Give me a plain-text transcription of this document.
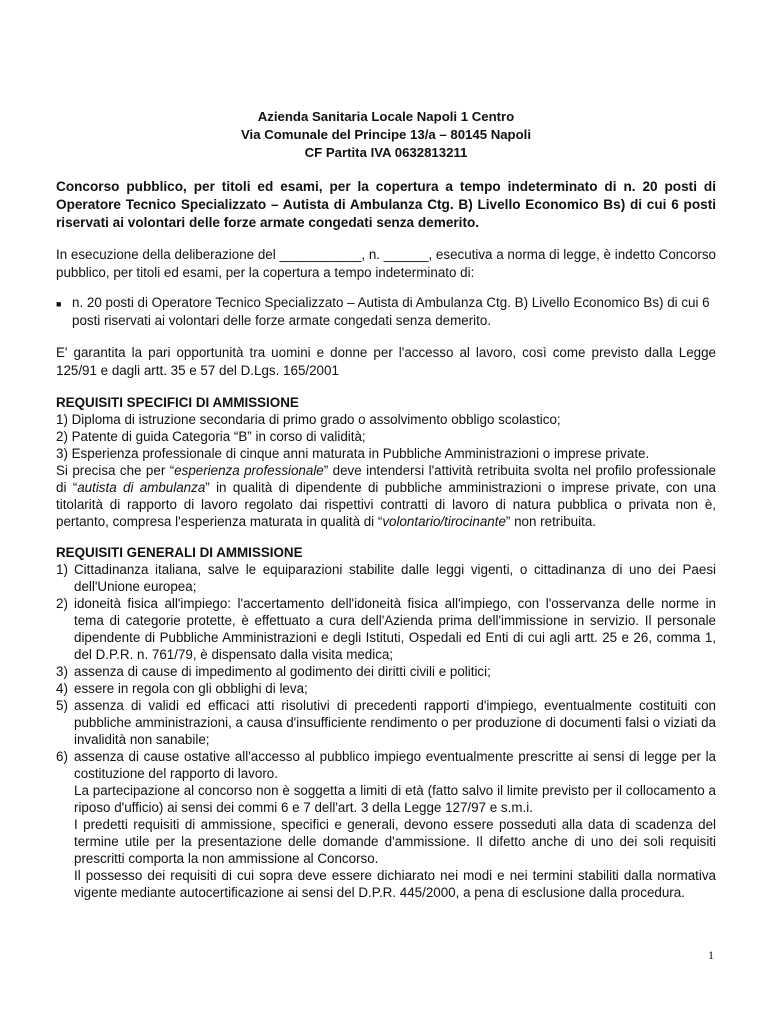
Azienda Sanitaria Locale Napoli 1 Centro
Via Comunale del Principe 13/a – 80145 Napoli
CF Partita IVA 0632813211
Concorso pubblico, per titoli ed esami, per la copertura a tempo indeterminato di n. 20 posti di Operatore Tecnico Specializzato – Autista di Ambulanza Ctg. B) Livello Economico Bs) di cui 6 posti riservati ai volontari delle forze armate congedati senza demerito.
In esecuzione della deliberazione del ___________, n. ______, esecutiva a norma di legge, è indetto Concorso pubblico, per titoli ed esami, per la copertura a tempo indeterminato di:
■ n. 20 posti di Operatore Tecnico Specializzato – Autista di Ambulanza Ctg. B) Livello Economico Bs) di cui 6 posti riservati ai volontari delle forze armate congedati senza demerito.
E' garantita la pari opportunità tra uomini e donne per l'accesso al lavoro, così come previsto dalla Legge 125/91 e dagli artt. 35 e 57 del D.Lgs. 165/2001
REQUISITI SPECIFICI DI AMMISSIONE
1) Diploma di istruzione secondaria di primo grado o assolvimento obbligo scolastico;
2) Patente di guida Categoria “B” in corso di validità;
3) Esperienza professionale di cinque anni maturata in Pubbliche Amministrazioni o imprese private.
Si precisa che per “esperienza professionale” deve intendersi l'attività retribuita svolta nel profilo professionale di “autista di ambulanza” in qualità di dipendente di pubbliche amministrazioni o imprese private, con una titolarità di rapporto di lavoro regolato dai rispettivi contratti di lavoro di natura pubblica o privata non è, pertanto, compresa l'esperienza maturata in qualità di “volontario/tirocinante” non retribuita.
REQUISITI GENERALI DI AMMISSIONE
1) Cittadinanza italiana, salve le equiparazioni stabilite dalle leggi vigenti, o cittadinanza di uno dei Paesi dell'Unione europea;
2) idoneità fisica all'impiego: l'accertamento dell'idoneità fisica all'impiego, con l'osservanza delle norme in tema di categorie protette, è effettuato a cura dell'Azienda prima dell'immissione in servizio. Il personale dipendente di Pubbliche Amministrazioni e degli Istituti, Ospedali ed Enti di cui agli artt. 25 e 26, comma 1, del D.P.R. n. 761/79, è dispensato dalla visita medica;
3) assenza di cause di impedimento al godimento dei diritti civili e politici;
4) essere in regola con gli obblighi di leva;
5) assenza di validi ed efficaci atti risolutivi di precedenti rapporti d'impiego, eventualmente costituiti con pubbliche amministrazioni, a causa d'insufficiente rendimento o per produzione di documenti falsi o viziati da invalidità non sanabile;
6) assenza di cause ostative all'accesso al pubblico impiego eventualmente prescritte ai sensi di legge per la costituzione del rapporto di lavoro.
La partecipazione al concorso non è soggetta a limiti di età (fatto salvo il limite previsto per il collocamento a riposo d'ufficio) ai sensi dei commi 6 e 7 dell'art. 3 della Legge 127/97 e s.m.i.
I predetti requisiti di ammissione, specifici e generali, devono essere posseduti alla data di scadenza del termine utile per la presentazione delle domande d'ammissione. Il difetto anche di uno dei soli requisiti prescritti comporta la non ammissione al Concorso.
Il possesso dei requisiti di cui sopra deve essere dichiarato nei modi e nei termini stabiliti dalla normativa vigente mediante autocertificazione ai sensi del D.P.R. 445/2000, a pena di esclusione dalla procedura.
1
